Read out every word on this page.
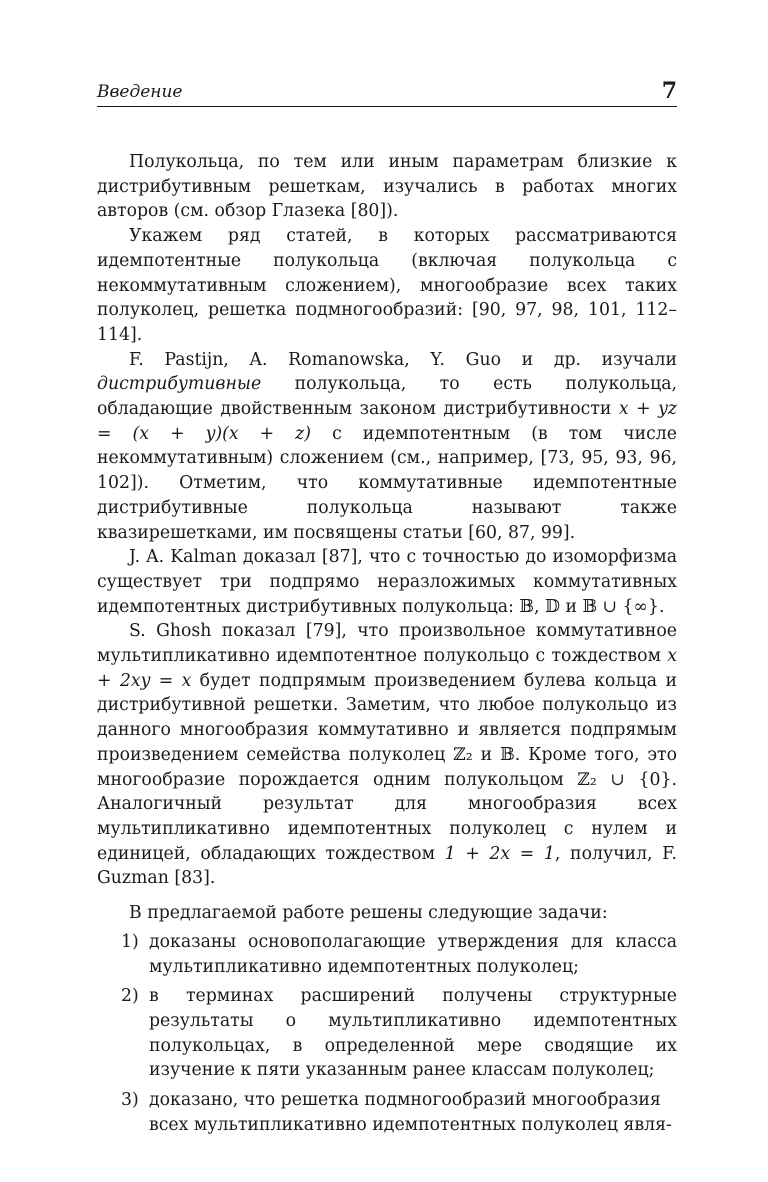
Введение	7

Полукольца, по тем или иным параметрам близкие к дистрибутивным решеткам, изучались в работах многих авторов (см. обзор Глазека [80]).

Укажем ряд статей, в которых рассматриваются идемпотентные полукольца (включая полукольца с некоммутативным сложением), многообразие всех таких полуколец, решетка подмногообразий: [90, 97, 98, 101, 112–114].

F. Pastijn, A. Romanowska, Y. Guo и др. изучали дистрибутивные полукольца, то есть полукольца, обладающие двойственным законом дистрибутивности x + yz = (x + y)(x + z) с идемпотентным (в том числе некоммутативным) сложением (см., например, [73, 95, 93, 96, 102]). Отметим, что коммутативные идемпотентные дистрибутивные полукольца называют также квазирешетками, им посвящены статьи [60, 87, 99].

J. A. Kalman доказал [87], что с точностью до изоморфизма существует три подпрямо неразложимых коммутативных идемпотентных дистрибутивных полукольца: 𝔹, 𝔻 и 𝔹 ∪ {∞}.

S. Ghosh показал [79], что произвольное коммутативное мультипликативно идемпотентное полукольцо с тождеством x + 2xy = x будет подпрямым произведением булева кольца и дистрибутивной решетки. Заметим, что любое полукольцо из данного многообразия коммутативно и является подпрямым произведением семейства полуколец ℤ₂ и 𝔹. Кроме того, это многообразие порождается одним полукольцом ℤ₂ ∪ {0}. Аналогичный результат для многообразия всех мультипликативно идемпотентных полуколец с нулем и единицей, обладающих тождеством 1 + 2x = 1, получил, F. Guzman [83].

В предлагаемой работе решены следующие задачи:

1) доказаны основополагающие утверждения для класса мультипликативно идемпотентных полуколец;
2) в терминах расширений получены структурные результаты о мультипликативно идемпотентных полукольцах, в определенной мере сводящие их изучение к пяти указанным ранее классам полуколец;
3) доказано, что решетка подмногообразий многообразия всех мультипликативно идемпотентных полуколец явля-
